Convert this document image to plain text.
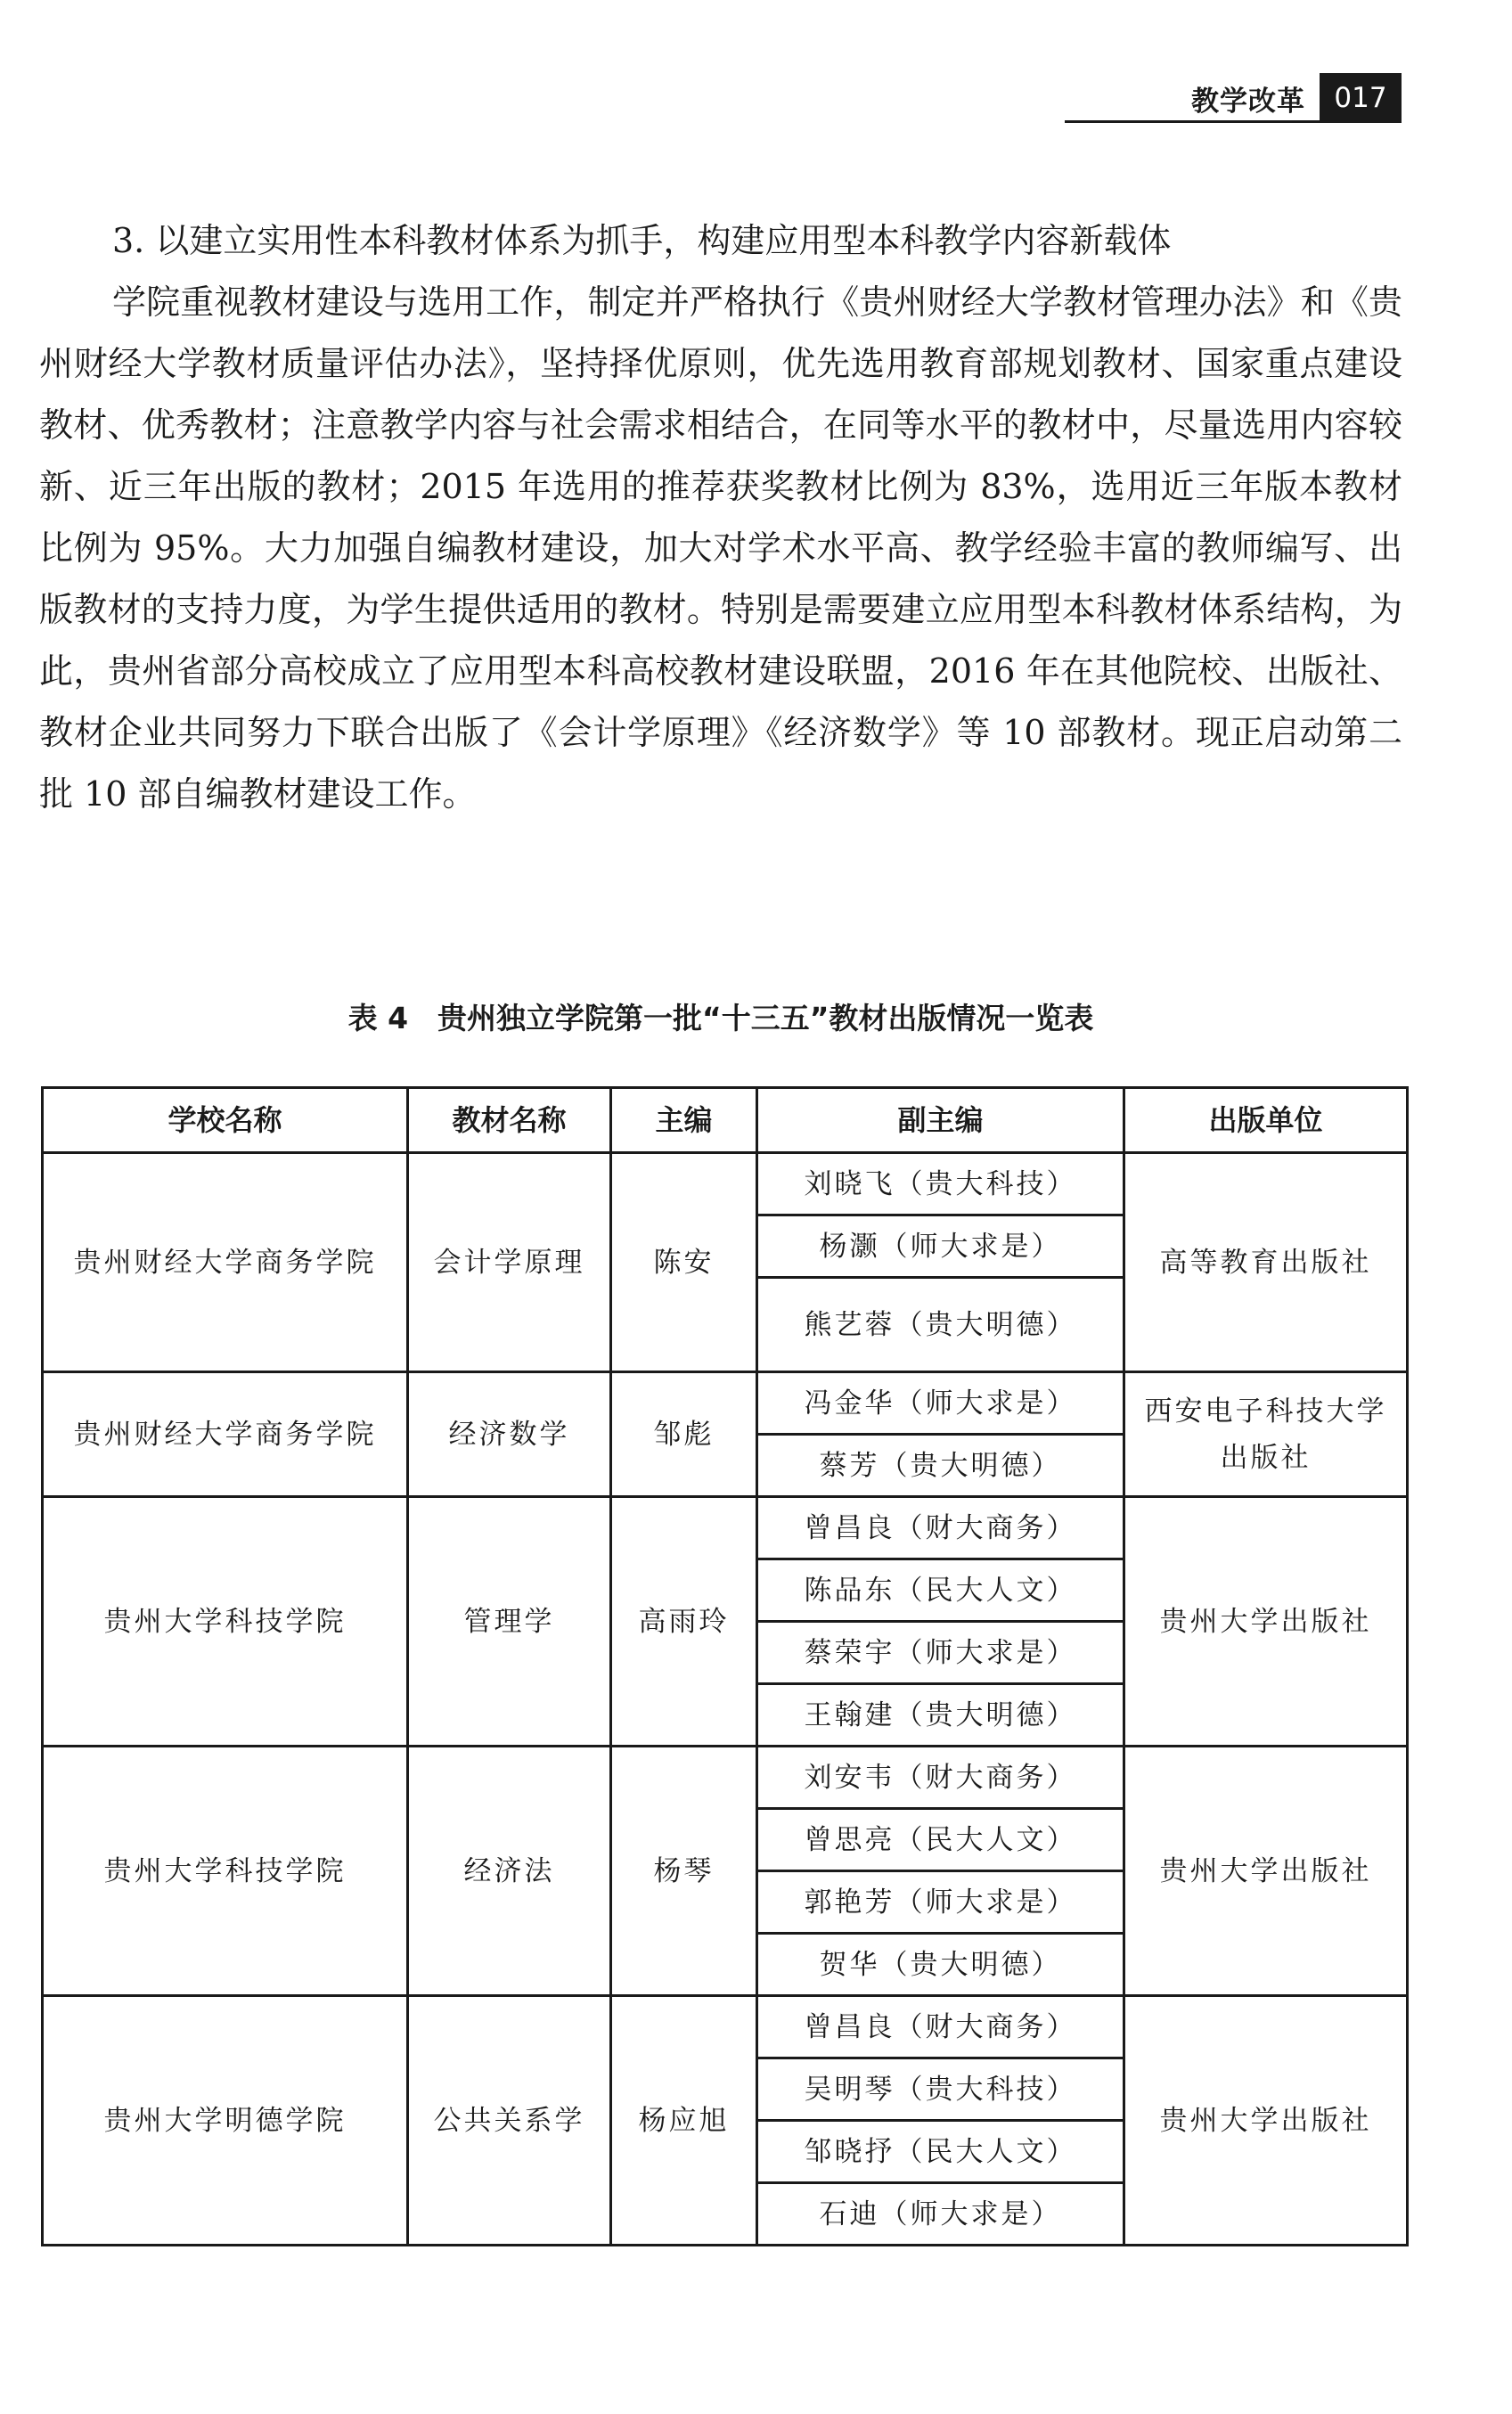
教学改革	017

3. 以建立实用性本科教材体系为抓手，构建应用型本科教学内容新载体

学院重视教材建设与选用工作，制定并严格执行《贵州财经大学教材管理办法》和《贵州财经大学教材质量评估办法》，坚持择优原则，优先选用教育部规划教材、国家重点建设教材、优秀教材；注意教学内容与社会需求相结合，在同等水平的教材中，尽量选用内容较新、近三年出版的教材；2015 年选用的推荐获奖教材比例为 83%，选用近三年版本教材比例为 95%。大力加强自编教材建设，加大对学术水平高、教学经验丰富的教师编写、出版教材的支持力度，为学生提供适用的教材。特别是需要建立应用型本科教材体系结构，为此，贵州省部分高校成立了应用型本科高校教材建设联盟，2016 年在其他院校、出版社、教材企业共同努力下联合出版了《会计学原理》《经济数学》等 10 部教材。现正启动第二批 10 部自编教材建设工作。

表 4　贵州独立学院第一批“十三五”教材出版情况一览表
学校名称	教材名称	主编	副主编	出版单位
贵州财经大学商务学院	会计学原理	陈安	刘晓飞（贵大科技）	高等教育出版社
			杨灏（师大求是）	
			熊艺蓉（贵大明德）	
贵州财经大学商务学院	经济数学	邹彪	冯金华（师大求是）	西安电子科技大学出版社
			蔡芳（贵大明德）	
贵州大学科技学院	管理学	高雨玲	曾昌良（财大商务）	贵州大学出版社
			陈品东（民大人文）	
			蔡荣宇（师大求是）	
			王翰建（贵大明德）	
贵州大学科技学院	经济法	杨琴	刘安韦（财大商务）	贵州大学出版社
			曾思亮（民大人文）	
			郭艳芳（师大求是）	
			贺华（贵大明德）	
贵州大学明德学院	公共关系学	杨应旭	曾昌良（财大商务）	贵州大学出版社
			吴明琴（贵大科技）	
			邹晓抒（民大人文）	
			石迪（师大求是）	
